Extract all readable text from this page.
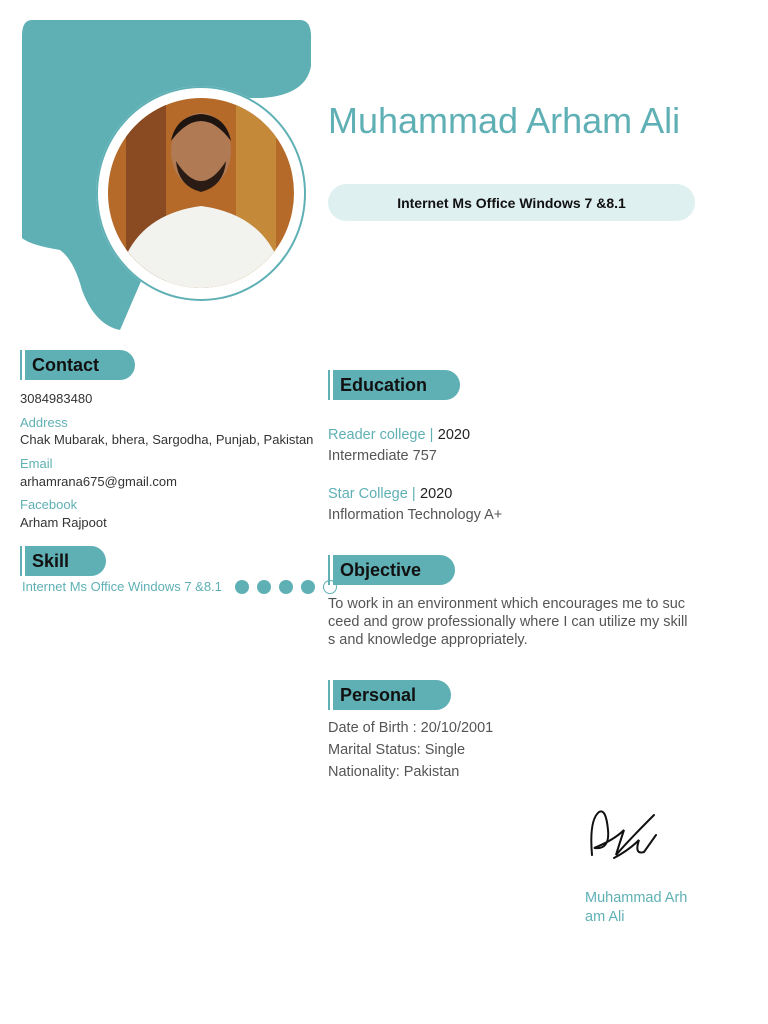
Muhammad Arham Ali
Internet Ms Office Windows 7 &8.1
Contact
3084983480
Address
Chak Mubarak, bhera, Sargodha, Punjab, Pakistan
Email
arhamrana675@gmail.com
Facebook
Arham Rajpoot
Skill
Internet Ms Office Windows 7 &8.1
Education
Reader college | 2020
Intermediate 757
Star College | 2020
Inflormation Technology A+
Objective
To work in an environment which encourages me to suc
ceed and grow professionally where I can utilize my skill
s and knowledge appropriately.
Personal
Date of Birth : 20/10/2001
Marital Status: Single
Nationality: Pakistan
Muhammad Arh
am Ali
